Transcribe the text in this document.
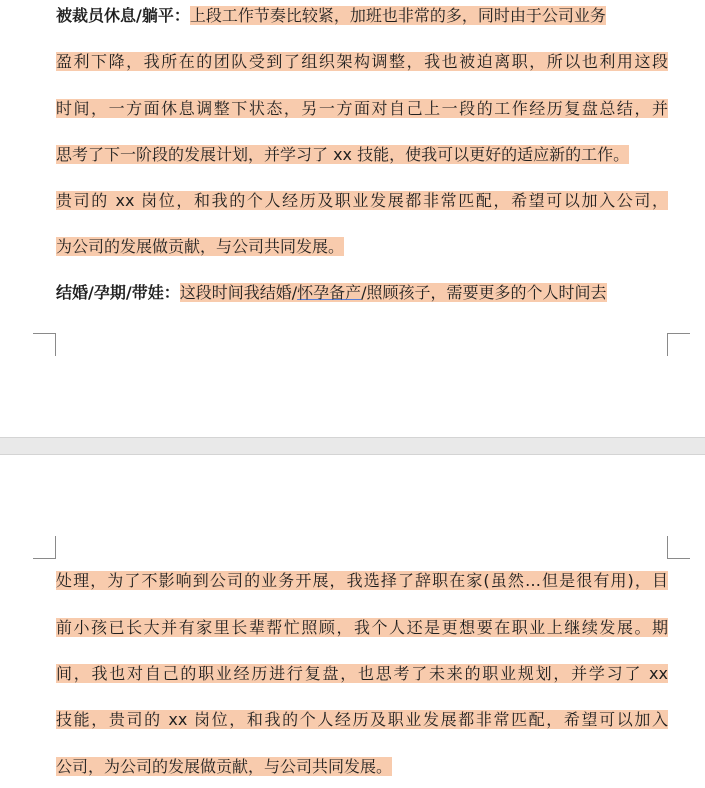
被裁员休息/躺平：上段工作节奏比较紧，加班也非常的多，同时由于公司业务
盈利下降，我所在的团队受到了组织架构调整，我也被迫离职，所以也利用这段
时间，一方面休息调整下状态，另一方面对自己上一段的工作经历复盘总结，并
思考了下一阶段的发展计划，并学习了 xx 技能，使我可以更好的适应新的工作。
贵司的 xx 岗位，和我的个人经历及职业发展都非常匹配，希望可以加入公司，
为公司的发展做贡献，与公司共同发展。
结婚/孕期/带娃：这段时间我结婚/怀孕备产/照顾孩子，需要更多的个人时间去
处理，为了不影响到公司的业务开展，我选择了辞职在家(虽然…但是很有用)，目
前小孩已长大并有家里长辈帮忙照顾，我个人还是更想要在职业上继续发展。期
间，我也对自己的职业经历进行复盘，也思考了未来的职业规划，并学习了 xx
技能，贵司的 xx 岗位，和我的个人经历及职业发展都非常匹配，希望可以加入
公司，为公司的发展做贡献，与公司共同发展。
